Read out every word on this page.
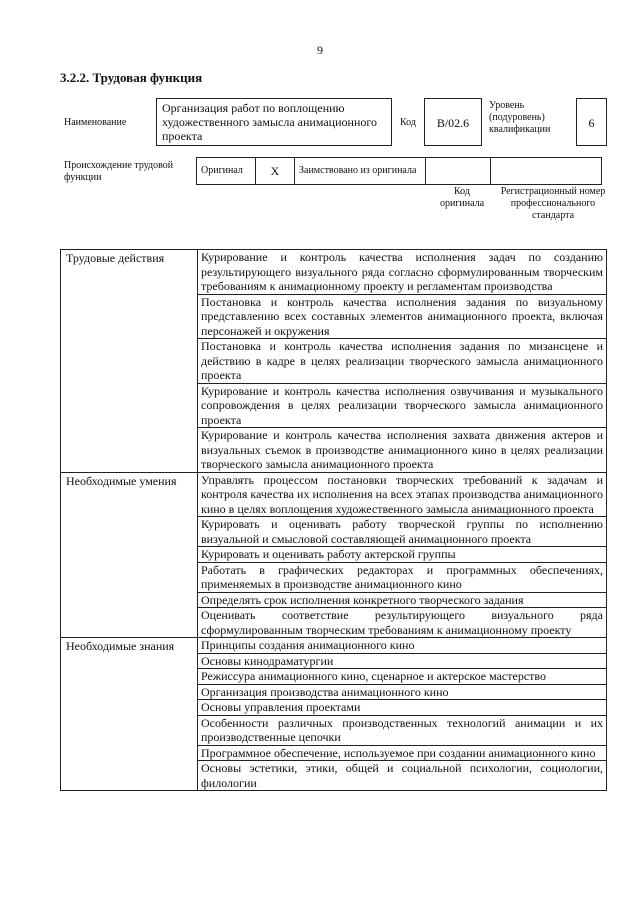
9
3.2.2. Трудовая функция
Наименование
Организация работ по воплощению художественного замысла анимационного проекта
Код	B/02.6
Уровень (подуровень) квалификации	6
Происхождение трудовой функции
Оригинал	X	Заимствовано из оригинала		
Код оригинала
Регистрационный номер профессионального стандарта
Трудовые действия	Курирование и контроль качества исполнения задач по созданию результирующего визуального ряда согласно сформулированным творческим требованиям к анимационному проекту и регламентам производства
	Постановка и контроль качества исполнения задания по визуальному представлению всех составных элементов анимационного проекта, включая персонажей и окружения
	Постановка и контроль качества исполнения задания по мизансцене и действию в кадре в целях реализации творческого замысла анимационного проекта
	Курирование и контроль качества исполнения озвучивания и музыкального сопровождения в целях реализации творческого замысла анимационного проекта
	Курирование и контроль качества исполнения захвата движения актеров и визуальных съемок в производстве анимационного кино в целях реализации творческого замысла анимационного проекта
Необходимые умения	Управлять процессом постановки творческих требований к задачам и контроля качества их исполнения на всех этапах производства анимационного кино в целях воплощения художественного замысла анимационного проекта
	Курировать и оценивать работу творческой группы по исполнению визуальной и смысловой составляющей анимационного проекта
	Курировать и оценивать работу актерской группы
	Работать в графических редакторах и программных обеспечениях, применяемых в производстве анимационного кино
	Определять срок исполнения конкретного творческого задания
	Оценивать соответствие результирующего визуального ряда сформулированным творческим требованиям к анимационному проекту
Необходимые знания	Принципы создания анимационного кино
	Основы кинодраматургии
	Режиссура анимационного кино, сценарное и актерское мастерство
	Организация производства анимационного кино
	Основы управления проектами
	Особенности различных производственных технологий анимации и их производственные цепочки
	Программное обеспечение, используемое при создании анимационного кино
	Основы эстетики, этики, общей и социальной психологии, социологии, филологии
